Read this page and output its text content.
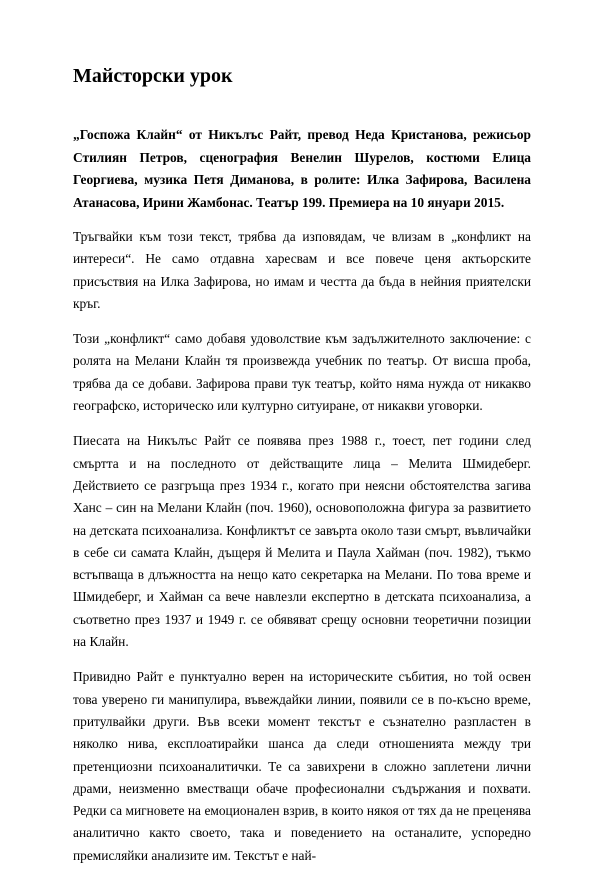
Майсторски урок

„Госпожа Клайн“ от Никълъс Райт, превод Неда Кристанова, режисьор Стилиян Петров, сценография Венелин Шурелов, костюми Елица Георгиева, музика Петя Диманова, в ролите: Илка Зафирова, Василена Атанасова, Ирини Жамбонас. Театър 199. Премиера на 10 януари 2015.

Тръгвайки към този текст, трябва да изповядам, че влизам в „конфликт на интереси“. Не само отдавна харесвам и все повече ценя актьорските присъствия на Илка Зафирова, но имам и честта да бъда в нейния приятелски кръг.

Този „конфликт“ само добавя удоволствие към задължителното заключение: с ролята на Мелани Клайн тя произвежда учебник по театър. От висша проба, трябва да се добави. Зафирова прави тук театър, който няма нужда от никакво географско, историческо или културно ситуиране, от никакви уговорки.

Пиесата на Никълъс Райт се появява през 1988 г., тоест, пет години след смъртта и на последното от действащите лица – Мелита Шмидеберг. Действието се разгръща през 1934 г., когато при неясни обстоятелства загива Ханс – син на Мелани Клайн (поч. 1960), основоположна фигура за развитието на детската психоанализа. Конфликтът се завърта около тази смърт, въвличайки в себе си самата Клайн, дъщеря й Мелита и Паула Хайман (поч. 1982), тъкмо встъпваща в длъжността на нещо като секретарка на Мелани. По това време и Шмидеберг, и Хайман са вече навлезли експертно в детската психоанализа, а съответно през 1937 и 1949 г. се обявяват срещу основни теоретични позиции на Клайн.

Привидно Райт е пунктуално верен на историческите събития, но той освен това уверено ги манипулира, въвеждайки линии, появили се в по-късно време, притулвайки други. Във всеки момент текстът е съзнателно разпластен в няколко нива, експлоатирайки шанса да следи отношенията между три претенциозни психоаналитички. Те са завихрени в сложно заплетени лични драми, неизменно вместващи обаче професионални съдържания и похвати. Редки са мигновете на емоционален взрив, в които някоя от тях да не преценява аналитично както своето, така и поведението на останалите, успоредно премисляйки анализите им. Текстът е най-
